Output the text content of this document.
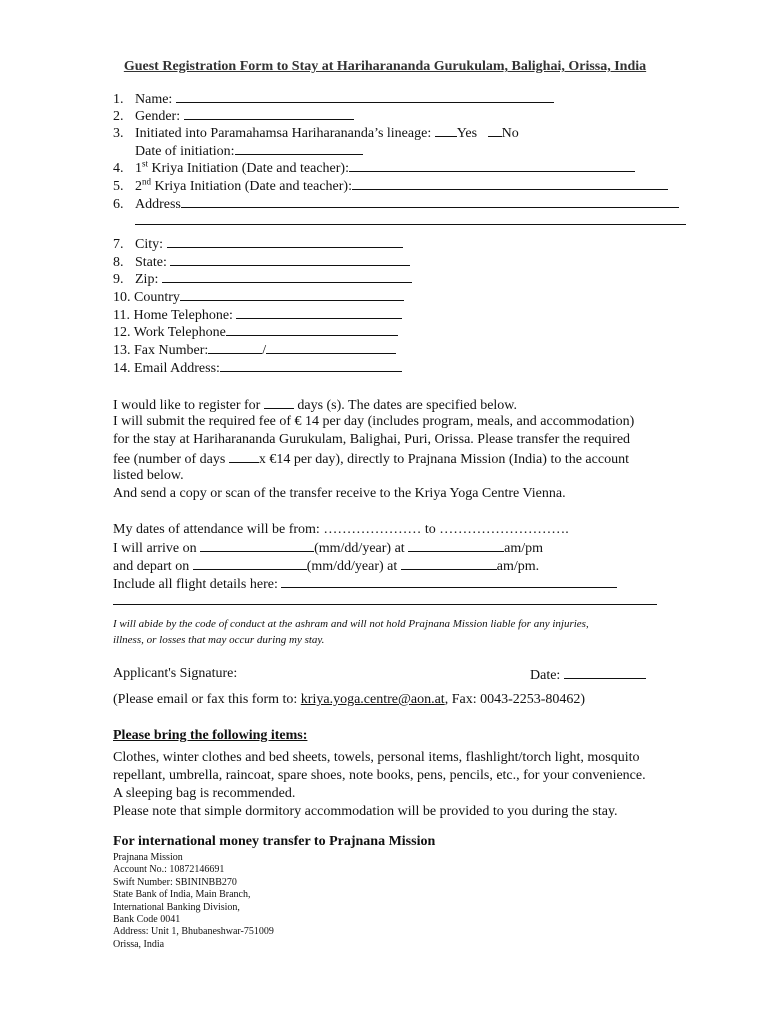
Guest Registration Form to Stay at Hariharananda Gurukulam, Balighai, Orissa, India
1. Name:
2. Gender:
3. Initiated into Paramahamsa Hariharananda’s lineage: Yes No
Date of initiation:
4. 1st Kriya Initiation (Date and teacher):
5. 2nd Kriya Initiation (Date and teacher):
6. Address
7. City:
8. State:
9. Zip:
10. Country
11. Home Telephone:
12. Work Telephone
13. Fax Number:	/
14. Email Address:
I would like to register for	days (s). The dates are specified below.
I will submit the required fee of € 14 per day (includes program, meals, and accommodation)
for the stay at Hariharananda Gurukulam, Balighai, Puri, Orissa. Please transfer the required
fee (number of days x €14 per day), directly to Prajnana Mission (India) to the account
listed below.
And send a copy or scan of the transfer receive to the Kriya Yoga Centre Vienna.
My dates of attendance will be from: ………………… to ……………………….
I will arrive on	(mm/dd/year) at	am/pm
and depart on	(mm/dd/year) at	am/pm.
Include all flight details here:
I will abide by the code of conduct at the ashram and will not hold Prajnana Mission liable for any injuries,
illness, or losses that may occur during my stay.
Applicant's Signature:	Date:
(Please email or fax this form to: kriya.yoga.centre@aon.at, Fax: 0043-2253-80462)
Please bring the following items:
Clothes, winter clothes and bed sheets, towels, personal items, flashlight/torch light, mosquito
repellant, umbrella, raincoat, spare shoes, note books, pens, pencils, etc., for your convenience.
A sleeping bag is recommended.
Please note that simple dormitory accommodation will be provided to you during the stay.
For international money transfer to Prajnana Mission
Prajnana Mission
Account No.: 10872146691
Swift Number: SBININBB270
State Bank of India, Main Branch,
International Banking Division,
Bank Code 0041
Address: Unit 1, Bhubaneshwar-751009
Orissa, India
